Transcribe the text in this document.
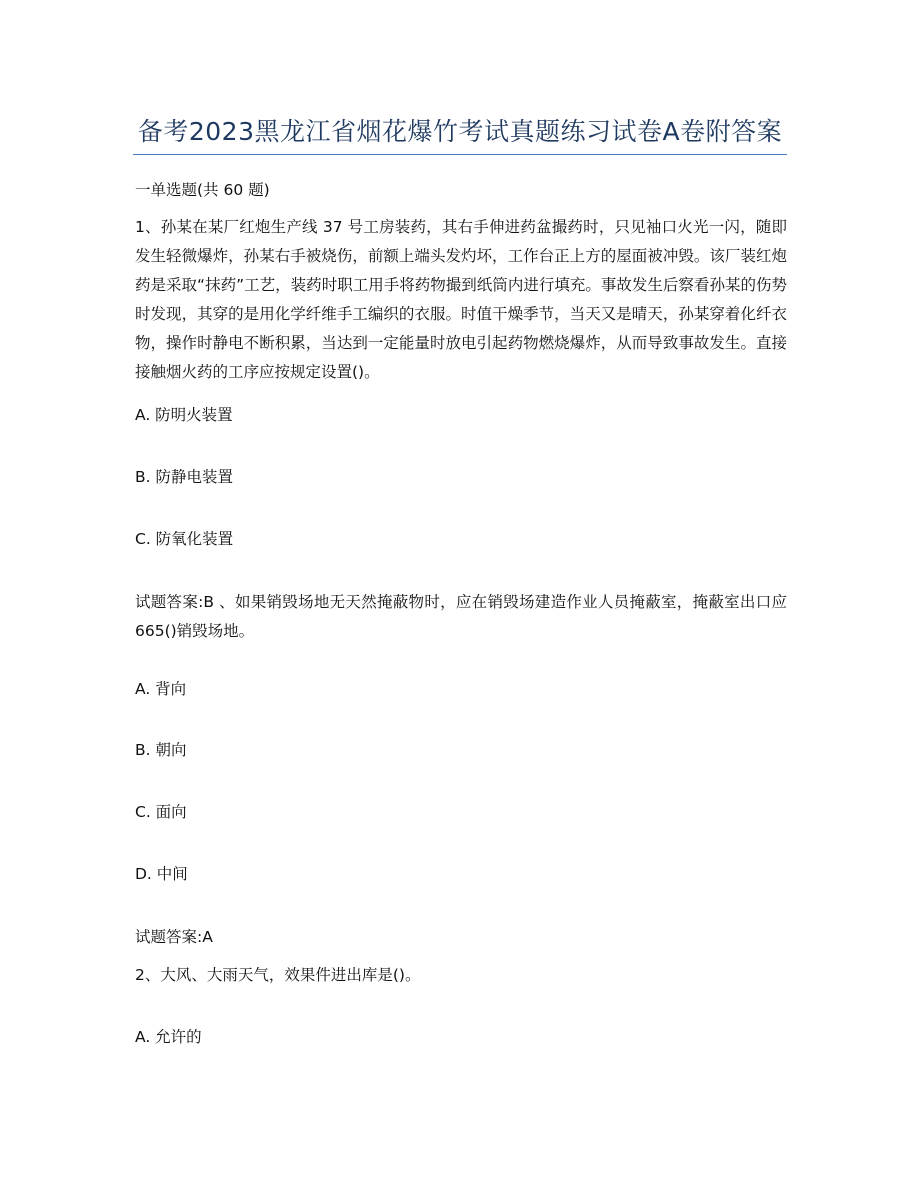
备考2023黑龙江省烟花爆竹考试真题练习试卷A卷附答案
一单选题(共 60 题)
1、孙某在某厂红炮生产线 37 号工房装药，其右手伸进药盆撮药时，只见袖口火光一闪，随即发生轻微爆炸，孙某右手被烧伤，前额上端头发灼坏，工作台正上方的屋面被冲毁。该厂装红炮药是采取“抹药”工艺，装药时职工用手将药物撮到纸筒内进行填充。事故发生后察看孙某的伤势时发现，其穿的是用化学纤维手工编织的衣服。时值干燥季节，当天又是晴天，孙某穿着化纤衣物，操作时静电不断积累，当达到一定能量时放电引起药物燃烧爆炸，从而导致事故发生。直接接触烟火药的工序应按规定设置()。
A. 防明火装置
B. 防静电装置
C. 防氧化装置
试题答案:B 、如果销毁场地无天然掩蔽物时，应在销毁场建造作业人员掩蔽室，掩蔽室出口应 665()销毁场地。
A. 背向
B. 朝向
C. 面向
D. 中间
试题答案:A
2、大风、大雨天气，效果件进出库是()。
A. 允许的
